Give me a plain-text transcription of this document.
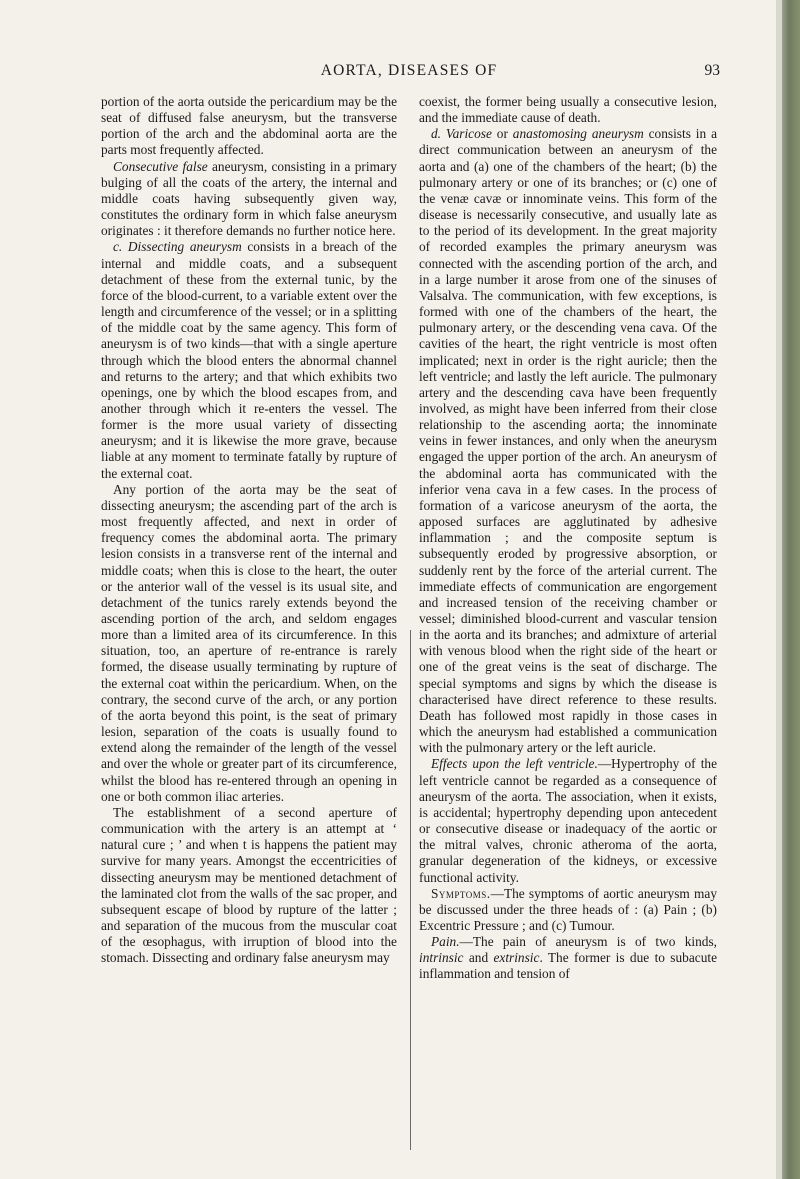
AORTA, DISEASES OF	93

portion of the aorta outside the pericardium may be the seat of diffused false aneurysm, but the transverse portion of the arch and the abdominal aorta are the parts most frequently affected.

Consecutive false aneurysm, consisting in a primary bulging of all the coats of the artery, the internal and middle coats having subsequently given way, constitutes the ordinary form in which false aneurysm originates : it therefore demands no further notice here.

c. Dissecting aneurysm consists in a breach of the internal and middle coats, and a subsequent detachment of these from the external tunic, by the force of the blood-current, to a variable extent over the length and circumference of the vessel; or in a splitting of the middle coat by the same agency. This form of aneurysm is of two kinds—that with a single aperture through which the blood enters the abnormal channel and returns to the artery; and that which exhibits two openings, one by which the blood escapes from, and another through which it re-enters the vessel. The former is the more usual variety of dissecting aneurysm; and it is likewise the more grave, because liable at any moment to terminate fatally by rupture of the external coat.

Any portion of the aorta may be the seat of dissecting aneurysm; the ascending part of the arch is most frequently affected, and next in order of frequency comes the abdominal aorta. The primary lesion consists in a transverse rent of the internal and middle coats; when this is close to the heart, the outer or the anterior wall of the vessel is its usual site, and detachment of the tunics rarely extends beyond the ascending portion of the arch, and seldom engages more than a limited area of its circumference. In this situation, too, an aperture of re-entrance is rarely formed, the disease usually terminating by rupture of the external coat within the pericardium. When, on the contrary, the second curve of the arch, or any portion of the aorta beyond this point, is the seat of primary lesion, separation of the coats is usually found to extend along the remainder of the length of the vessel and over the whole or greater part of its circumference, whilst the blood has re-entered through an opening in one or both common iliac arteries.

The establishment of a second aperture of communication with the artery is an attempt at ‘ natural cure ; ’ and when t is happens the patient may survive for many years. Amongst the eccentricities of dissecting aneurysm may be mentioned detachment of the laminated clot from the walls of the sac proper, and subsequent escape of blood by rupture of the latter ; and separation of the mucous from the muscular coat of the œsophagus, with irruption of blood into the stomach. Dissecting and ordinary false aneurysm may

coexist, the former being usually a consecutive lesion, and the immediate cause of death.

d. Varicose or anastomosing aneurysm consists in a direct communication between an aneurysm of the aorta and (a) one of the chambers of the heart; (b) the pulmonary artery or one of its branches; or (c) one of the venæ cavæ or innominate veins. This form of the disease is necessarily consecutive, and usually late as to the period of its development. In the great majority of recorded examples the primary aneurysm was connected with the ascending portion of the arch, and in a large number it arose from one of the sinuses of Valsalva. The communication, with few exceptions, is formed with one of the chambers of the heart, the pulmonary artery, or the descending vena cava. Of the cavities of the heart, the right ventricle is most often implicated; next in order is the right auricle; then the left ventricle; and lastly the left auricle. The pulmonary artery and the descending cava have been frequently involved, as might have been inferred from their close relationship to the ascending aorta; the innominate veins in fewer instances, and only when the aneurysm engaged the upper portion of the arch. An aneurysm of the abdominal aorta has communicated with the inferior vena cava in a few cases. In the process of formation of a varicose aneurysm of the aorta, the apposed surfaces are agglutinated by adhesive inflammation ; and the composite septum is subsequently eroded by progressive absorption, or suddenly rent by the force of the arterial current. The immediate effects of communication are engorgement and increased tension of the receiving chamber or vessel; diminished blood-current and vascular tension in the aorta and its branches; and admixture of arterial with venous blood when the right side of the heart or one of the great veins is the seat of discharge. The special symptoms and signs by which the disease is characterised have direct reference to these results. Death has followed most rapidly in those cases in which the aneurysm had established a communication with the pulmonary artery or the left auricle.

Effects upon the left ventricle.—Hypertrophy of the left ventricle cannot be regarded as a consequence of aneurysm of the aorta. The association, when it exists, is accidental; hypertrophy depending upon antecedent or consecutive disease or inadequacy of the aortic or the mitral valves, chronic atheroma of the aorta, granular degeneration of the kidneys, or excessive functional activity.

Symptoms.—The symptoms of aortic aneurysm may be discussed under the three heads of : (a) Pain ; (b) Excentric Pressure ; and (c) Tumour.

Pain.—The pain of aneurysm is of two kinds, intrinsic and extrinsic. The former is due to subacute inflammation and tension of
